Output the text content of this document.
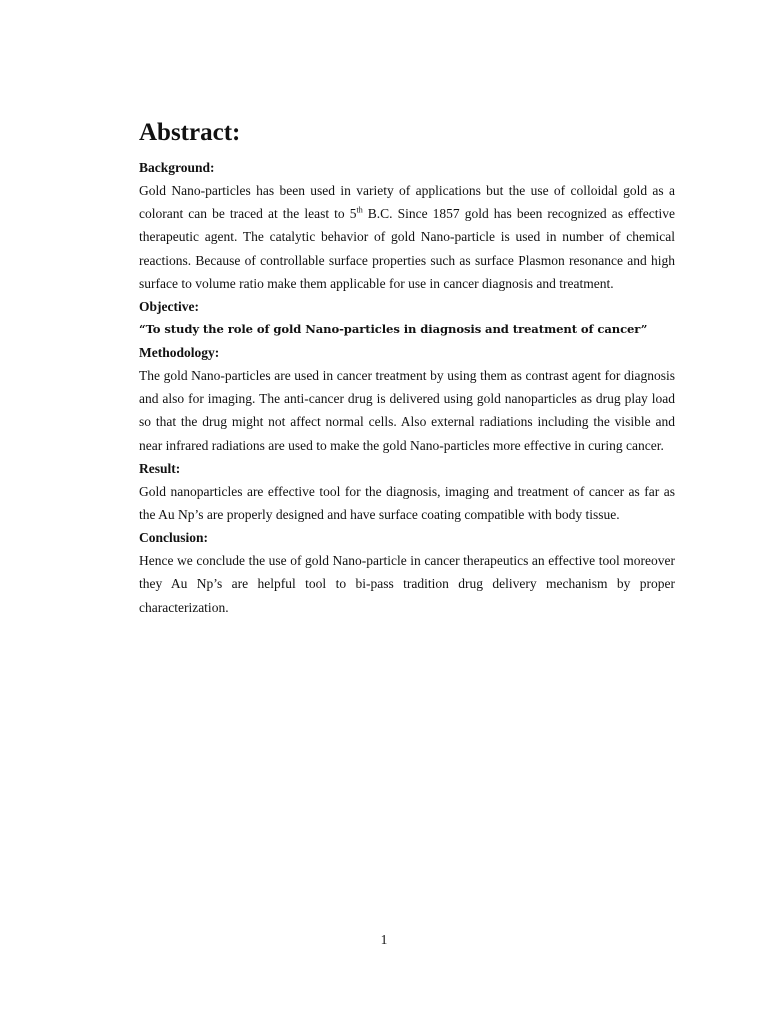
Abstract:

Background:

Gold Nano-particles has been used in variety of applications but the use of colloidal gold as a colorant can be traced at the least to 5th B.C. Since 1857 gold has been recognized as effective therapeutic agent. The catalytic behavior of gold Nano-particle is used in number of chemical reactions. Because of controllable surface properties such as surface Plasmon resonance and high surface to volume ratio make them applicable for use in cancer diagnosis and treatment.

Objective:

“To study the role of gold Nano-particles in diagnosis and treatment of cancer”

Methodology:

The gold Nano-particles are used in cancer treatment by using them as contrast agent for diagnosis and also for imaging. The anti-cancer drug is delivered using gold nanoparticles as drug play load so that the drug might not affect normal cells. Also external radiations including the visible and near infrared radiations are used to make the gold Nano-particles more effective in curing cancer.

Result:

Gold nanoparticles are effective tool for the diagnosis, imaging and treatment of cancer as far as the Au Np’s are properly designed and have surface coating compatible with body tissue.

Conclusion:

Hence we conclude the use of gold Nano-particle in cancer therapeutics an effective tool moreover they Au Np’s are helpful tool to bi-pass tradition drug delivery mechanism by proper characterization.

1
